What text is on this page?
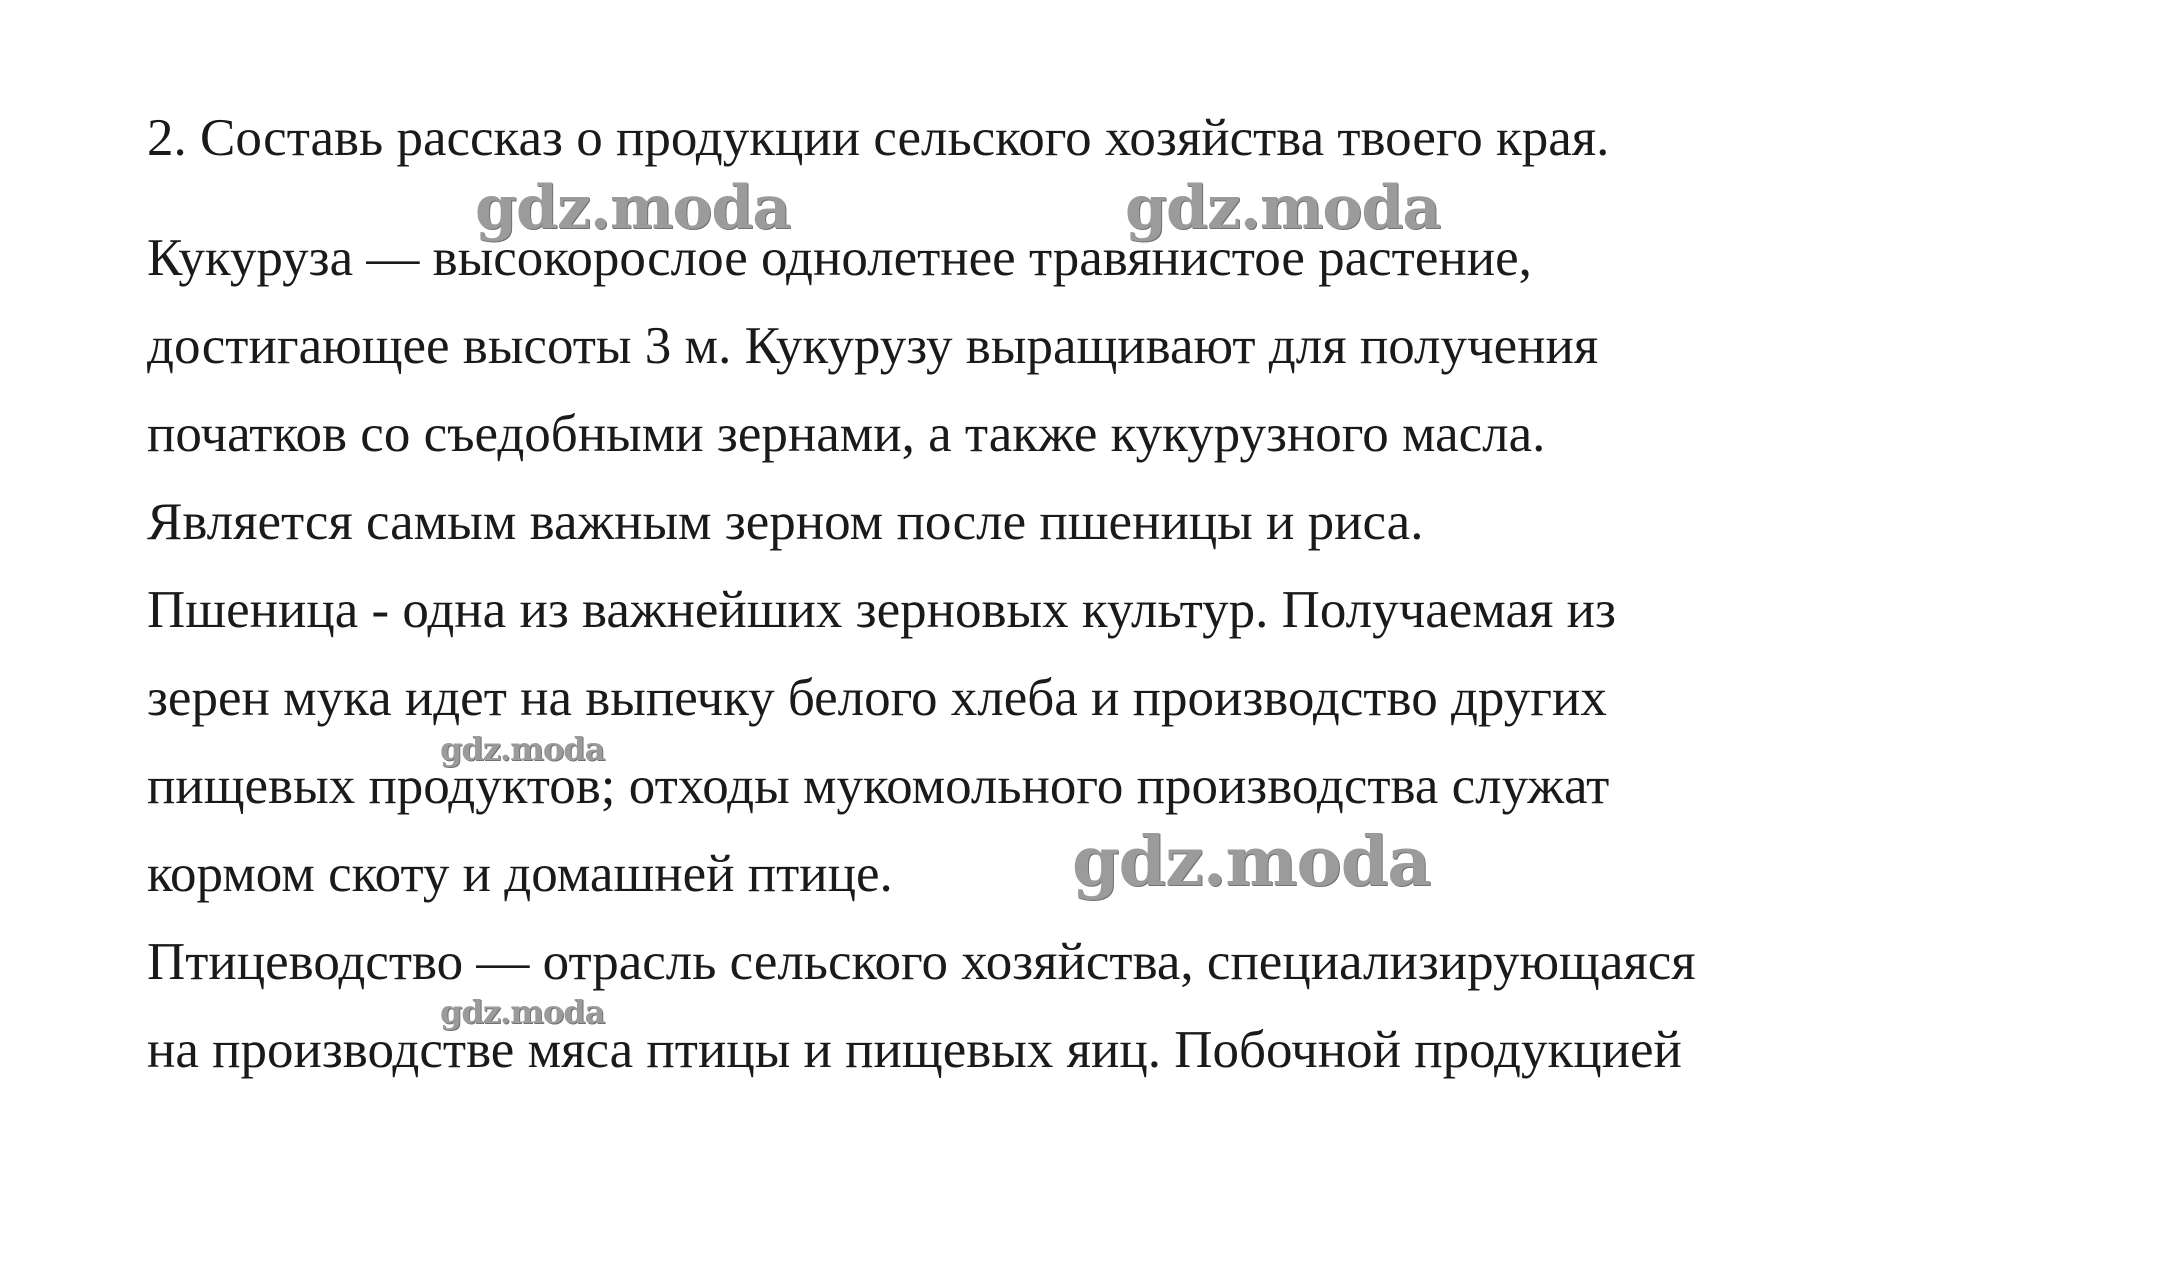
2. Составь рассказ о продукции сельского хозяйства твоего края.

Кукуруза — высокорослое однолетнее травянистое растение,

достигающее высоты 3 м. Кукурузу выращивают для получения

початков со съедобными зернами, а также кукурузного масла.

Является самым важным зерном после пшеницы и риса.

Пшеница - одна из важнейших зерновых культур. Получаемая из

зерен мука идет на выпечку белого хлеба и производство других

пищевых продуктов; отходы мукомольного производства служат

кормом скоту и домашней птице.

Птицеводство — отрасль сельского хозяйства, специализирующаяся

на производстве мяса птицы и пищевых яиц. Побочной продукцией

gdz.moda	gdz.moda
gdz.moda
gdz.moda
gdz.moda
